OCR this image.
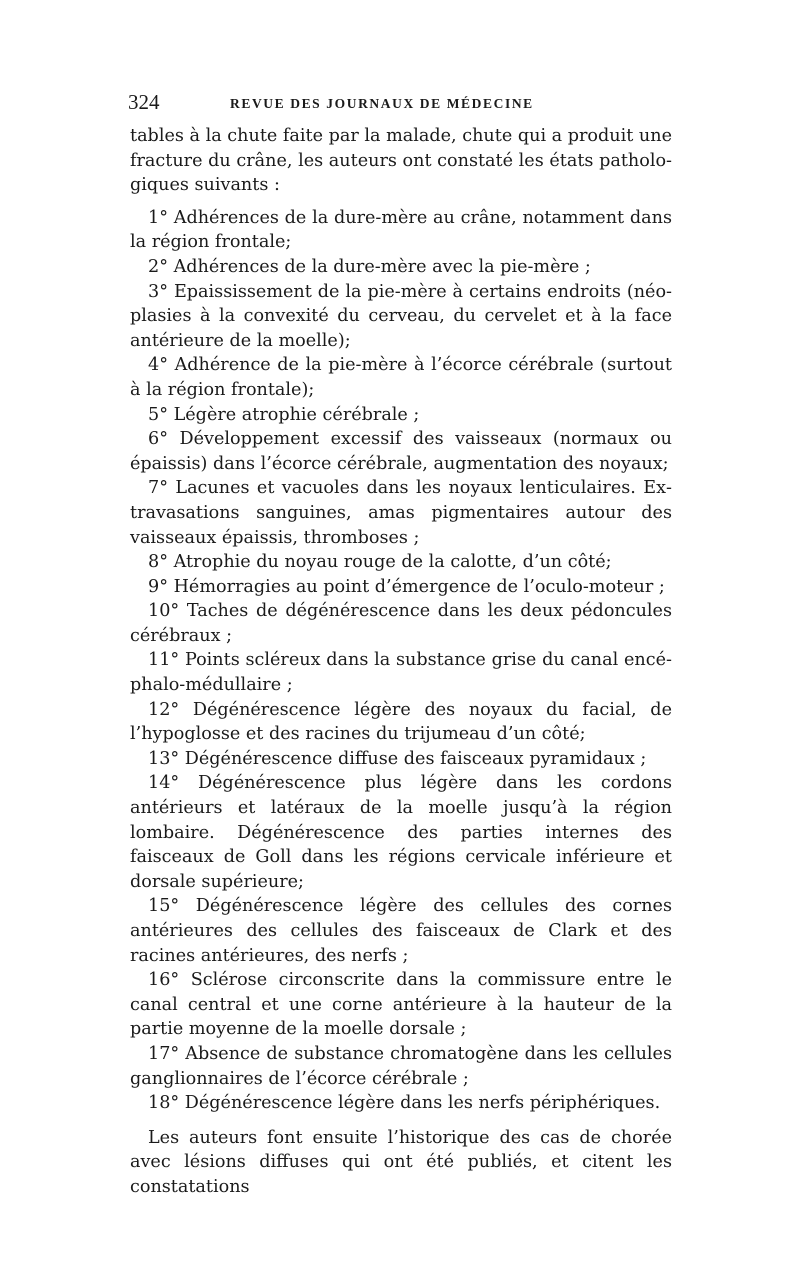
324	REVUE DES JOURNAUX DE MÉDECINE

tables à la chute faite par la malade, chute qui a produit une fracture du crâne, les auteurs ont constaté les états pathologiques suivants :

1° Adhérences de la dure-mère au crâne, notamment dans la région frontale;

2° Adhérences de la dure-mère avec la pie-mère ;

3° Epaississement de la pie-mère à certains endroits (néoplasies à la convexité du cerveau, du cervelet et à la face antérieure de la moelle);

4° Adhérence de la pie-mère à l’écorce cérébrale (surtout à la région frontale);

5° Légère atrophie cérébrale ;

6° Développement excessif des vaisseaux (normaux ou épaissis) dans l’écorce cérébrale, augmentation des noyaux;

7° Lacunes et vacuoles dans les noyaux lenticulaires. Extravasations sanguines, amas pigmentaires autour des vaisseaux épaissis, thromboses ;

8° Atrophie du noyau rouge de la calotte, d’un côté;

9° Hémorragies au point d’émergence de l’oculo-moteur ;

10° Taches de dégénérescence dans les deux pédoncules cérébraux ;

11° Points scléreux dans la substance grise du canal encéphalo-médullaire ;

12° Dégénérescence légère des noyaux du facial, de l’hypoglosse et des racines du trijumeau d’un côté;

13° Dégénérescence diffuse des faisceaux pyramidaux ;

14° Dégénérescence plus légère dans les cordons antérieurs et latéraux de la moelle jusqu’à la région lombaire. Dégénérescence des parties internes des faisceaux de Goll dans les régions cervicale inférieure et dorsale supérieure;

15° Dégénérescence légère des cellules des cornes antérieures des cellules des faisceaux de Clark et des racines antérieures, des nerfs ;

16° Sclérose circonscrite dans la commissure entre le canal central et une corne antérieure à la hauteur de la partie moyenne de la moelle dorsale ;

17° Absence de substance chromatogène dans les cellules ganglionnaires de l’écorce cérébrale ;

18° Dégénérescence légère dans les nerfs périphériques.

Les auteurs font ensuite l’historique des cas de chorée avec lésions diffuses qui ont été publiés, et citent les constatations
